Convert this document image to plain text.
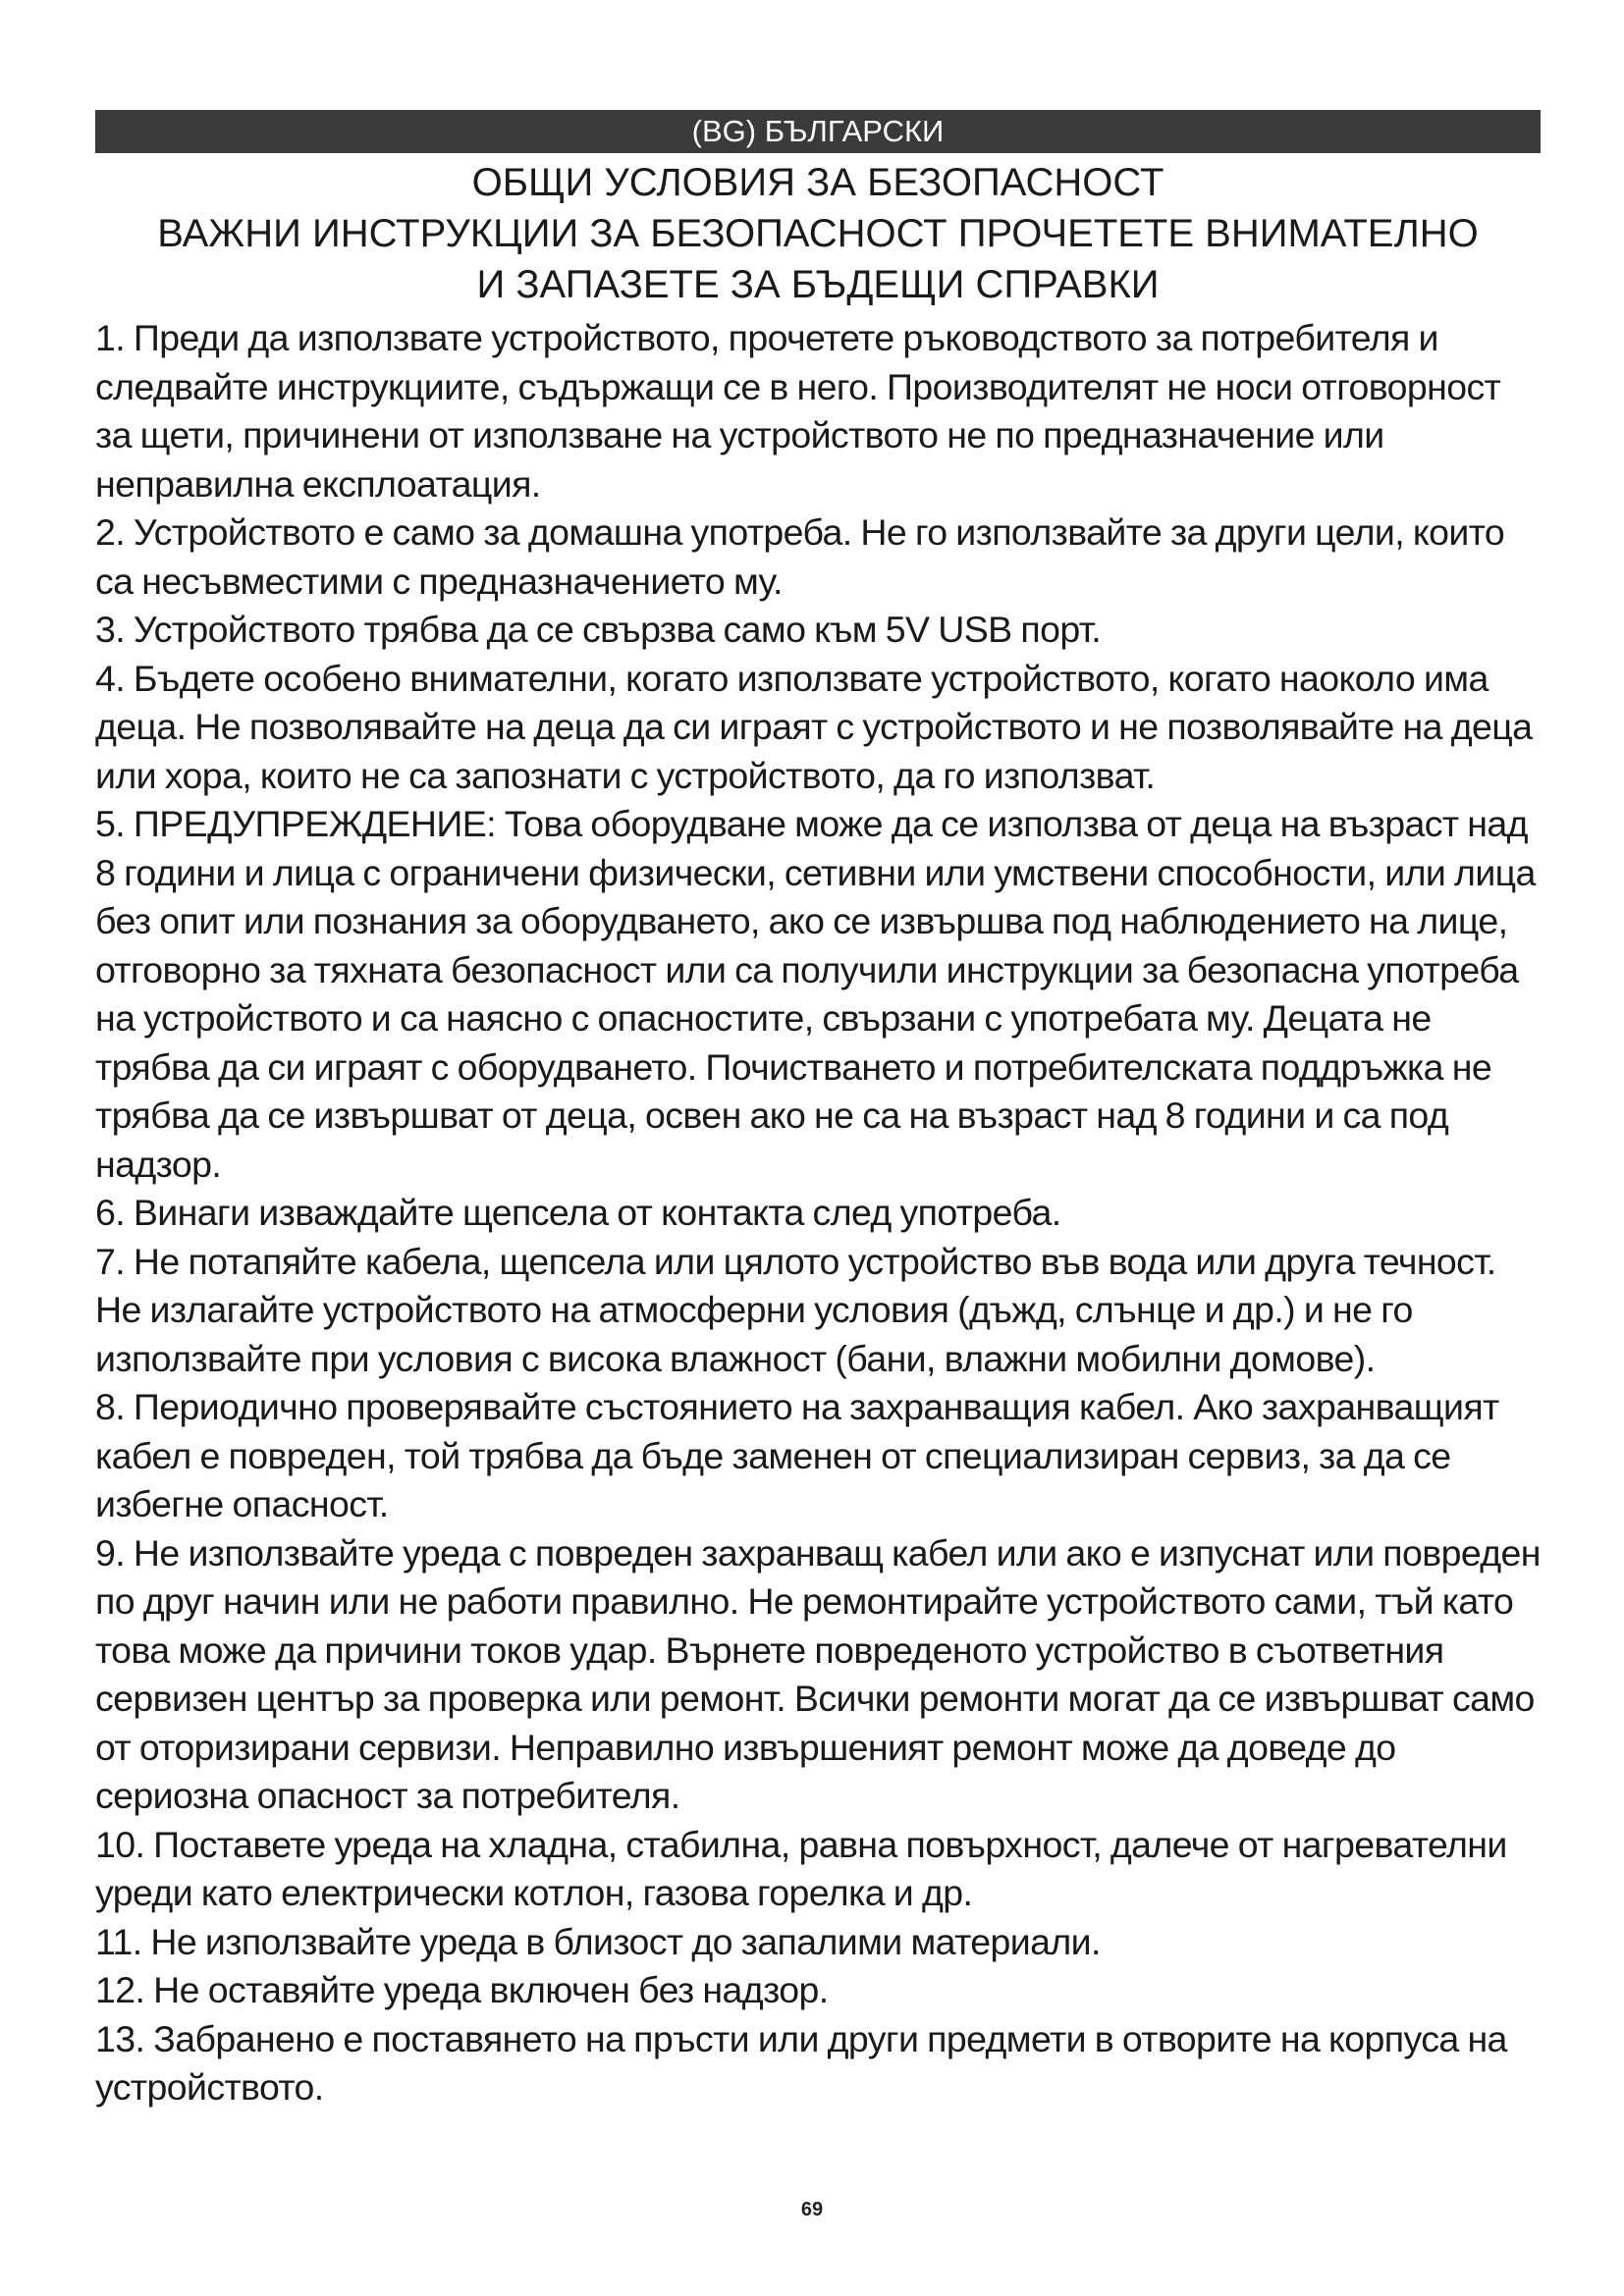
(BG) БЪЛГАРСКИ
ОБЩИ УСЛОВИЯ ЗА БЕЗОПАСНОСТ
ВАЖНИ ИНСТРУКЦИИ ЗА БЕЗОПАСНОСТ ПРОЧЕТЕТЕ ВНИМАТЕЛНО И ЗАПАЗЕТЕ ЗА БЪДЕЩИ СПРАВКИ

1. Преди да използвате устройството, прочетете ръководството за потребителя и следвайте инструкциите, съдържащи се в него. Производителят не носи отговорност за щети, причинени от използване на устройството не по предназначение или неправилна експлоатация.

2. Устройството е само за домашна употреба. Не го използвайте за други цели, които са несъвместими с предназначението му.

3. Устройството трябва да се свързва само към 5V USB порт.

4. Бъдете особено внимателни, когато използвате устройството, когато наоколо има деца. Не позволявайте на деца да си играят с устройството и не позволявайте на деца или хора, които не са запознати с устройството, да го използват.

5. ПРЕДУПРЕЖДЕНИЕ: Това оборудване може да се използва от деца на възраст над 8 години и лица с ограничени физически, сетивни или умствени способности, или лица без опит или познания за оборудването, ако се извършва под наблюдението на лице, отговорно за тяхната безопасност или са получили инструкции за безопасна употреба на устройството и са наясно с опасностите, свързани с употребата му. Децата не трябва да си играят с оборудването. Почистването и потребителската поддръжка не трябва да се извършват от деца, освен ако не са на възраст над 8 години и са под надзор.

6. Винаги изваждайте щепсела от контакта след употреба.

7. Не потапяйте кабела, щепсела или цялото устройство във вода или друга течност. Не излагайте устройството на атмосферни условия (дъжд, слънце и др.) и не го използвайте при условия с висока влажност (бани, влажни мобилни домове).

8. Периодично проверявайте състоянието на захранващия кабел. Ако захранващият кабел е повреден, той трябва да бъде заменен от специализиран сервиз, за да се избегне опасност.

9. Не използвайте уреда с повреден захранващ кабел или ако е изпуснат или повреден по друг начин или не работи правилно. Не ремонтирайте устройството сами, тъй като това може да причини токов удар. Върнете повреденото устройство в съответния сервизен център за проверка или ремонт. Всички ремонти могат да се извършват само от оторизирани сервизи. Неправилно извършеният ремонт може да доведе до сериозна опасност за потребителя.

10. Поставете уреда на хладна, стабилна, равна повърхност, далече от нагревателни уреди като електрически котлон, газова горелка и др.

11. Не използвайте уреда в близост до запалими материали.

12. Не оставяйте уреда включен без надзор.

13. Забранено е поставянето на пръсти или други предмети в отворите на корпуса на устройството.

69
